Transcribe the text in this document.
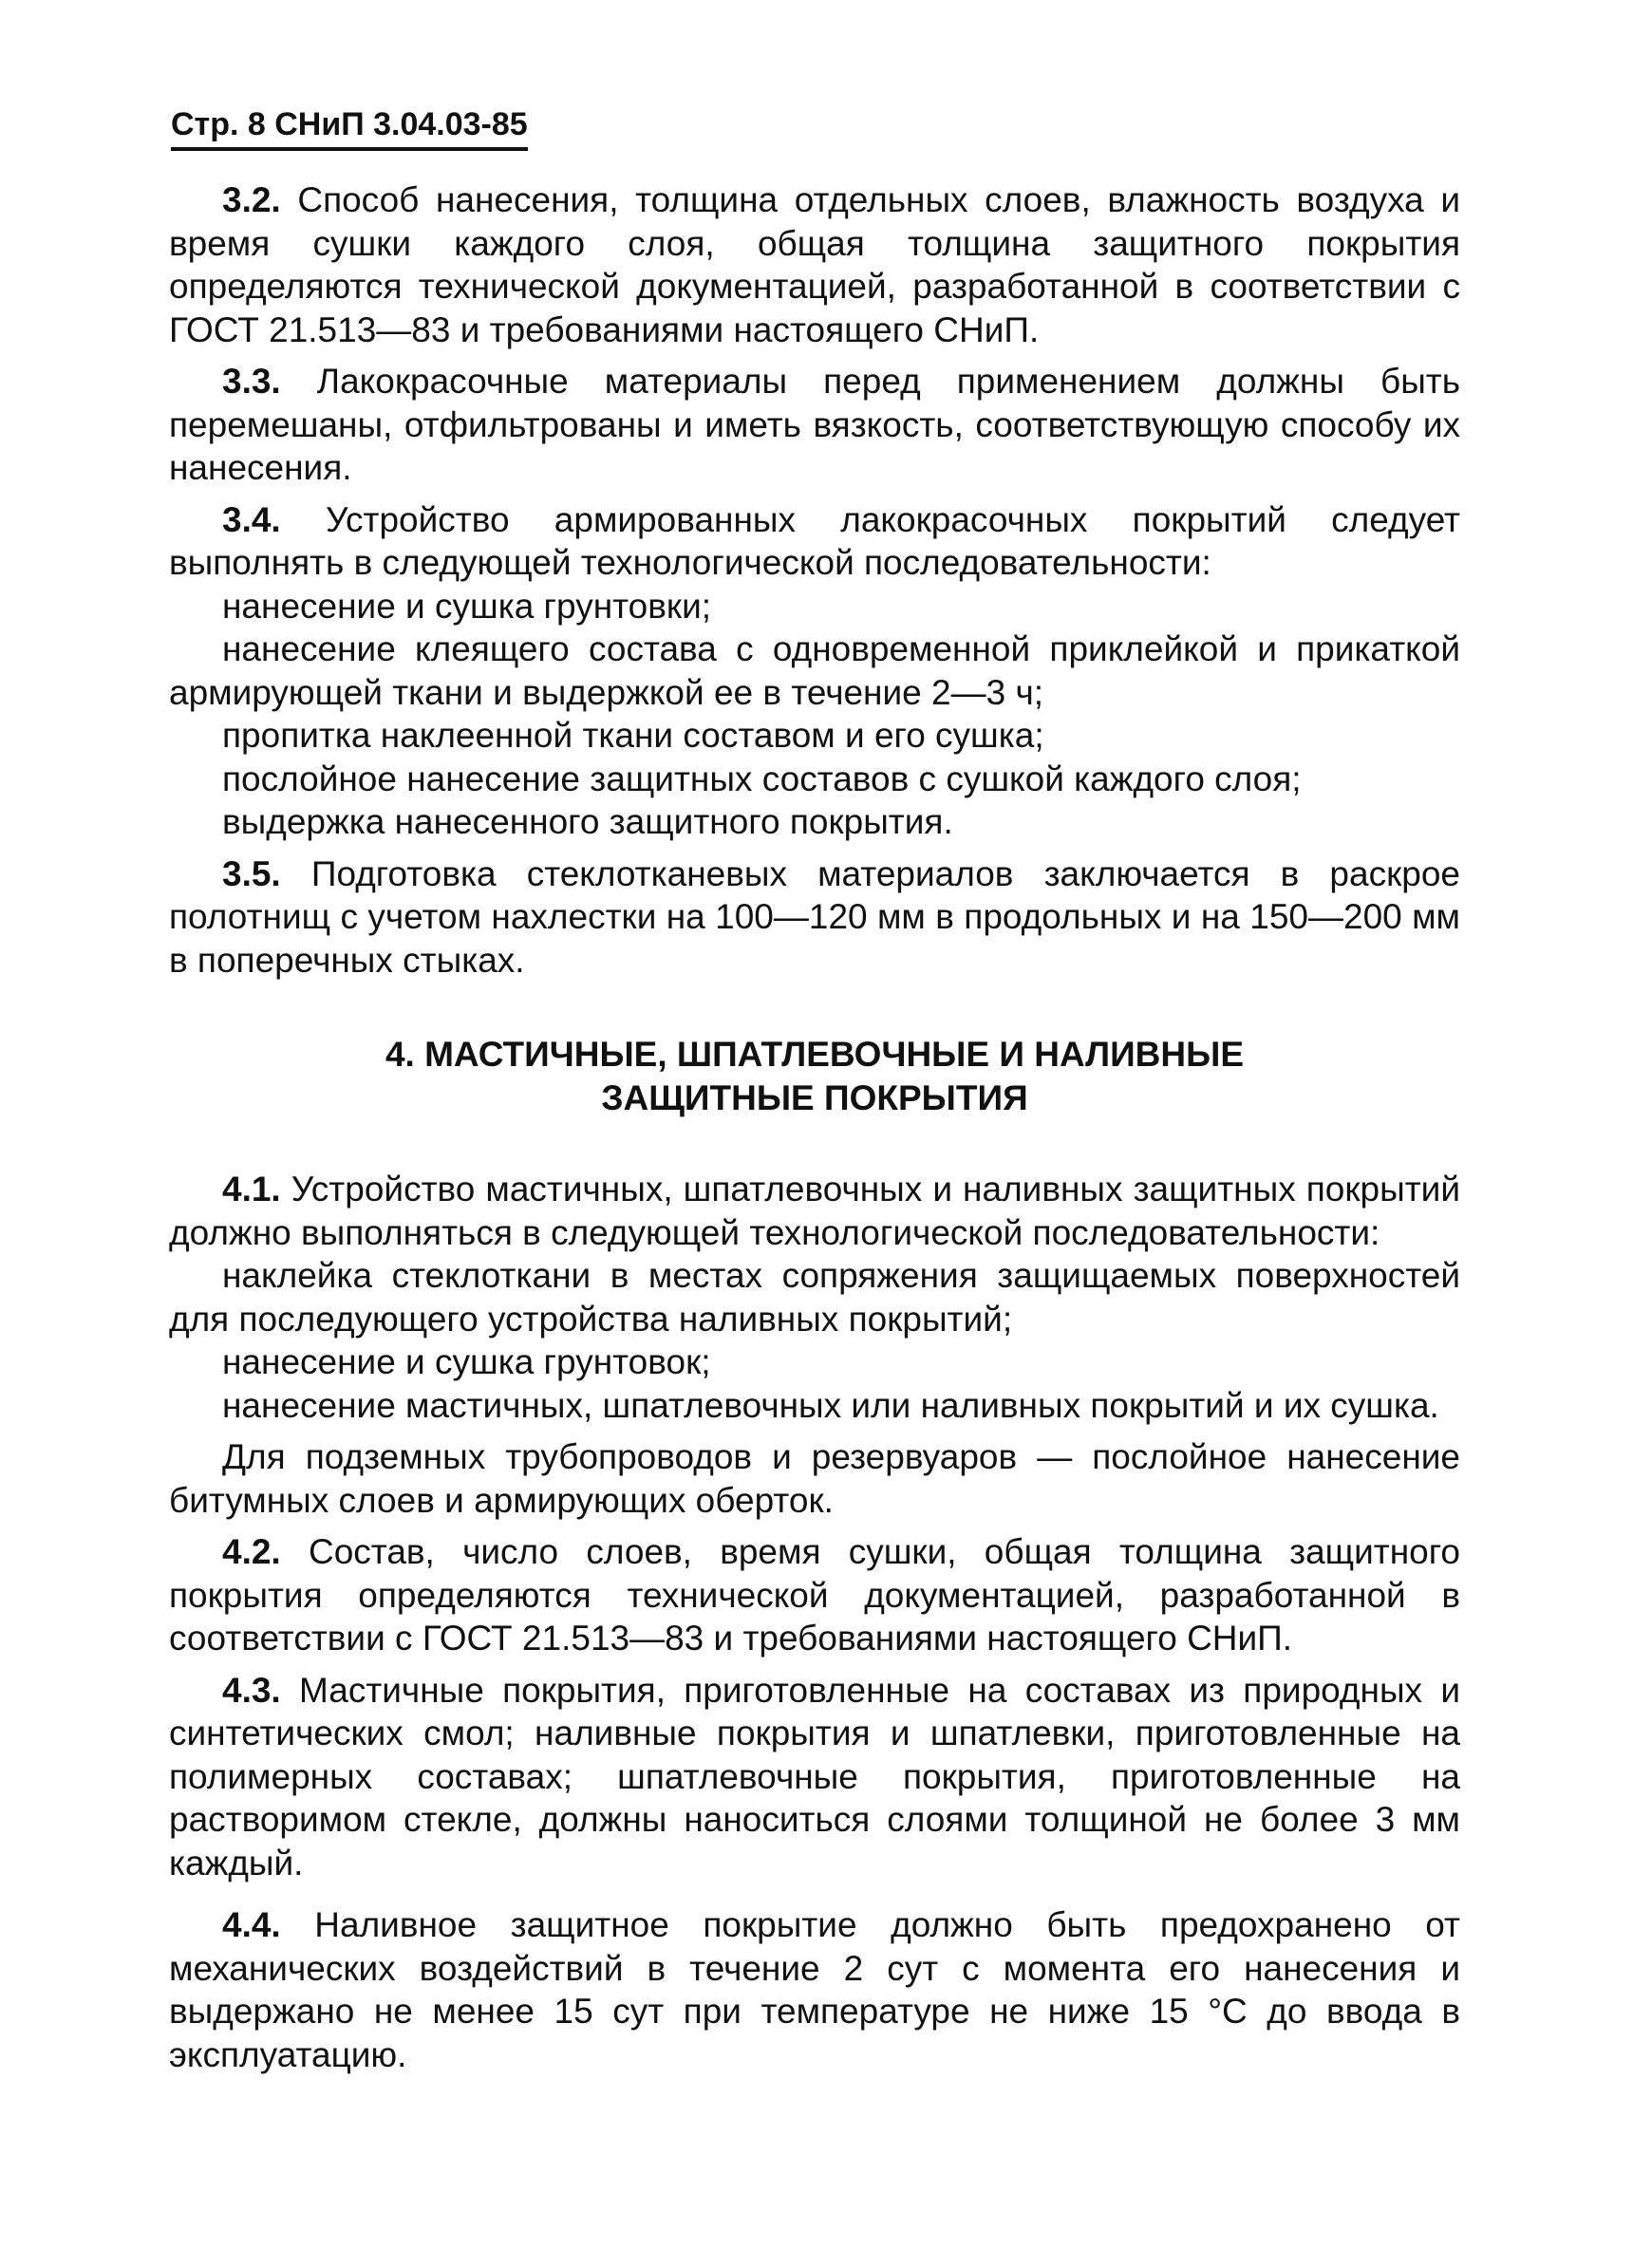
Стр. 8 СНиП 3.04.03-85

3.2. Способ нанесения, толщина отдельных слоев, влажность воздуха и время сушки каждого слоя, общая толщина защитного покрытия определяются технической документацией, разработанной в соответствии с ГОСТ 21.513—83 и требованиями настоящего СНиП.

3.3. Лакокрасочные материалы перед применением должны быть перемешаны, отфильтрованы и иметь вязкость, соответствующую способу их нанесения.

3.4. Устройство армированных лакокрасочных покрытий следует выполнять в следующей технологической последовательности:

нанесение и сушка грунтовки;

нанесение клеящего состава с одновременной приклейкой и прикаткой армирующей ткани и выдержкой ее в течение 2—3 ч;

пропитка наклеенной ткани составом и его сушка;

послойное нанесение защитных составов с сушкой каждого слоя;

выдержка нанесенного защитного покрытия.

3.5. Подготовка стеклотканевых материалов заключается в раскрое полотнищ с учетом нахлестки на 100—120 мм в продольных и на 150—200 мм в поперечных стыках.

4. МАСТИЧНЫЕ, ШПАТЛЕВОЧНЫЕ И НАЛИВНЫЕ
ЗАЩИТНЫЕ ПОКРЫТИЯ

4.1. Устройство мастичных, шпатлевочных и наливных защитных покрытий должно выполняться в следующей технологической последовательности:

наклейка стеклоткани в местах сопряжения защищаемых поверхностей для последующего устройства наливных покрытий;

нанесение и сушка грунтовок;

нанесение мастичных, шпатлевочных или наливных покрытий и их сушка.

Для подземных трубопроводов и резервуаров — послойное нанесение битумных слоев и армирующих оберток.

4.2. Состав, число слоев, время сушки, общая толщина защитного покрытия определяются технической документацией, разработанной в соответствии с ГОСТ 21.513—83 и требованиями настоящего СНиП.

4.3. Мастичные покрытия, приготовленные на составах из природных и синтетических смол; наливные покрытия и шпатлевки, приготовленные на полимерных составах; шпатлевочные покрытия, приготовленные на растворимом стекле, должны наноситься слоями толщиной не более 3 мм каждый.

4.4. Наливное защитное покрытие должно быть предохранено от механических воздействий в течение 2 сут с момента его нанесения и выдержано не менее 15 сут при температуре не ниже 15 °С до ввода в эксплуатацию.
